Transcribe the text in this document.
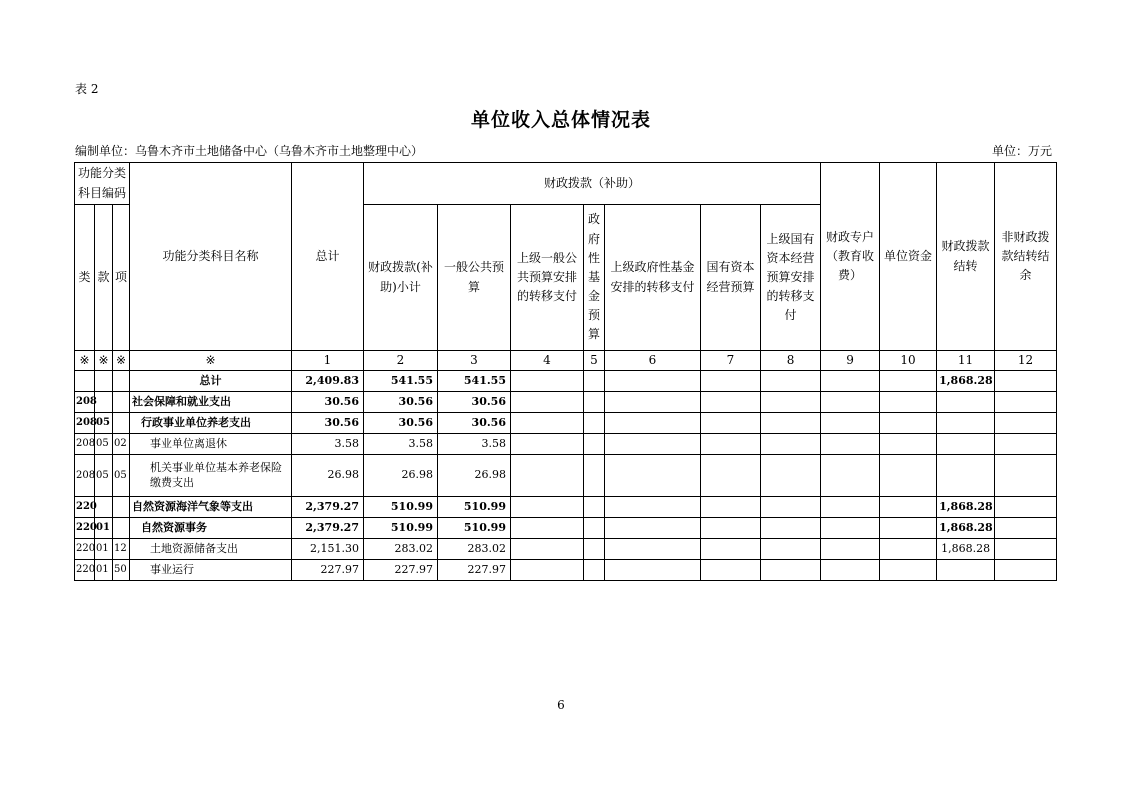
表 2
单位收入总体情况表
编制单位：乌鲁木齐市土地储备中心（乌鲁木齐市土地整理中心）	单位：万元
功能分类科目编码			功能分类科目名称	总计	财政拨款（补助）							财政专户（教育收费）	单位资金	财政拨款结转	非财政拨款结转结余
类	款	项			财政拨款(补助)小计	一般公共预算	上级一般公共预算安排的转移支付	政府性基金预算	上级政府性基金安排的转移支付	国有资本经营预算	上级国有资本经营预算安排的转移支付				
※	※	※	※	1	2	3	4	5	6	7	8	9	10	11	12
			总计	2,409.83	541.55	541.55								1,868.28	
208			社会保障和就业支出	30.56	30.56	30.56									
208	05		行政事业单位养老支出	30.56	30.56	30.56									
208	05	02	事业单位离退休	3.58	3.58	3.58									
208	05	05	机关事业单位基本养老保险缴费支出	26.98	26.98	26.98									
220			自然资源海洋气象等支出	2,379.27	510.99	510.99								1,868.28	
220	01		自然资源事务	2,379.27	510.99	510.99								1,868.28	
220	01	12	土地资源储备支出	2,151.30	283.02	283.02								1,868.28	
220	01	50	事业运行	227.97	227.97	227.97									
6
